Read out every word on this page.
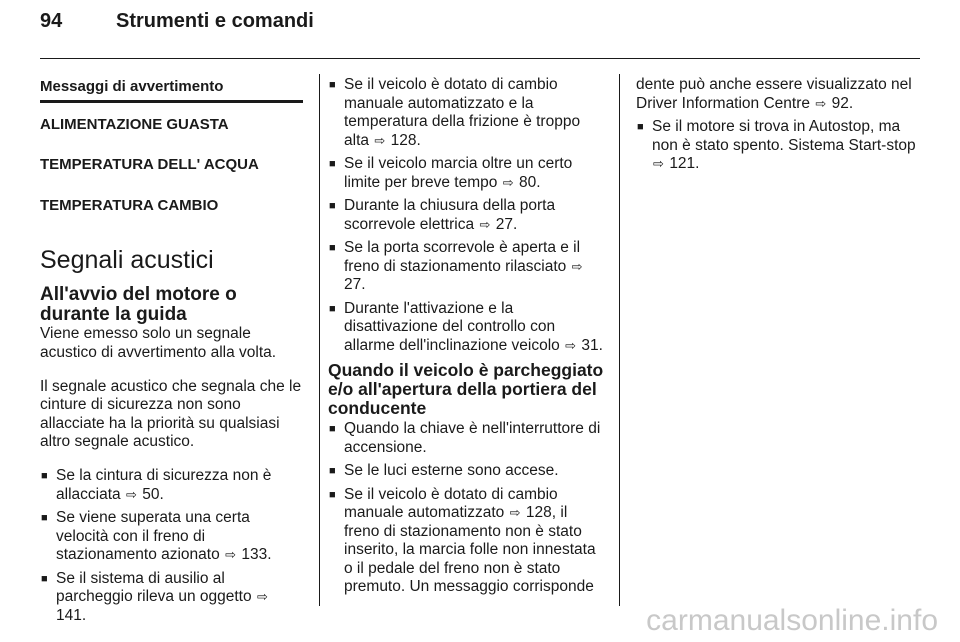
94	Strumenti e comandi
Messaggi di avvertimento
ALIMENTAZIONE GUASTA
TEMPERATURA DELL' ACQUA
TEMPERATURA CAMBIO
Segnali acustici
All'avvio del motore o durante la guida

Viene emesso solo un segnale acustico di avvertimento alla volta.

Il segnale acustico che segnala che le cinture di sicurezza non sono allacciate ha la priorità su qualsiasi altro segnale acustico.

■ Se la cintura di sicurezza non è allacciata ⇨ 50.
■ Se viene superata una certa velocità con il freno di stazionamento azionato ⇨ 133.
■ Se il sistema di ausilio al parcheggio rileva un oggetto ⇨ 141.
■ Se il veicolo è dotato di cambio manuale automatizzato e la temperatura della frizione è troppo alta ⇨ 128.
■ Se il veicolo marcia oltre un certo limite per breve tempo ⇨ 80.
■ Durante la chiusura della porta scorrevole elettrica ⇨ 27.
■ Se la porta scorrevole è aperta e il freno di stazionamento rilasciato ⇨ 27.
■ Durante l'attivazione e la disattivazione del controllo con allarme dell'inclinazione veicolo ⇨ 31.
Quando il veicolo è parcheggiato e/o all'apertura della portiera del conducente
■ Quando la chiave è nell'interruttore di accensione.
■ Se le luci esterne sono accese.
■ Se il veicolo è dotato di cambio manuale automatizzato ⇨ 128, il freno di stazionamento non è stato inserito, la marcia folle non innestata o il pedale del freno non è stato premuto. Un messaggio corrisponde

dente può anche essere visualizzato nel Driver Information Centre ⇨ 92.

■ Se il motore si trova in Autostop, ma non è stato spento. Sistema Start-stop ⇨ 121.
carmanualsonline.info
